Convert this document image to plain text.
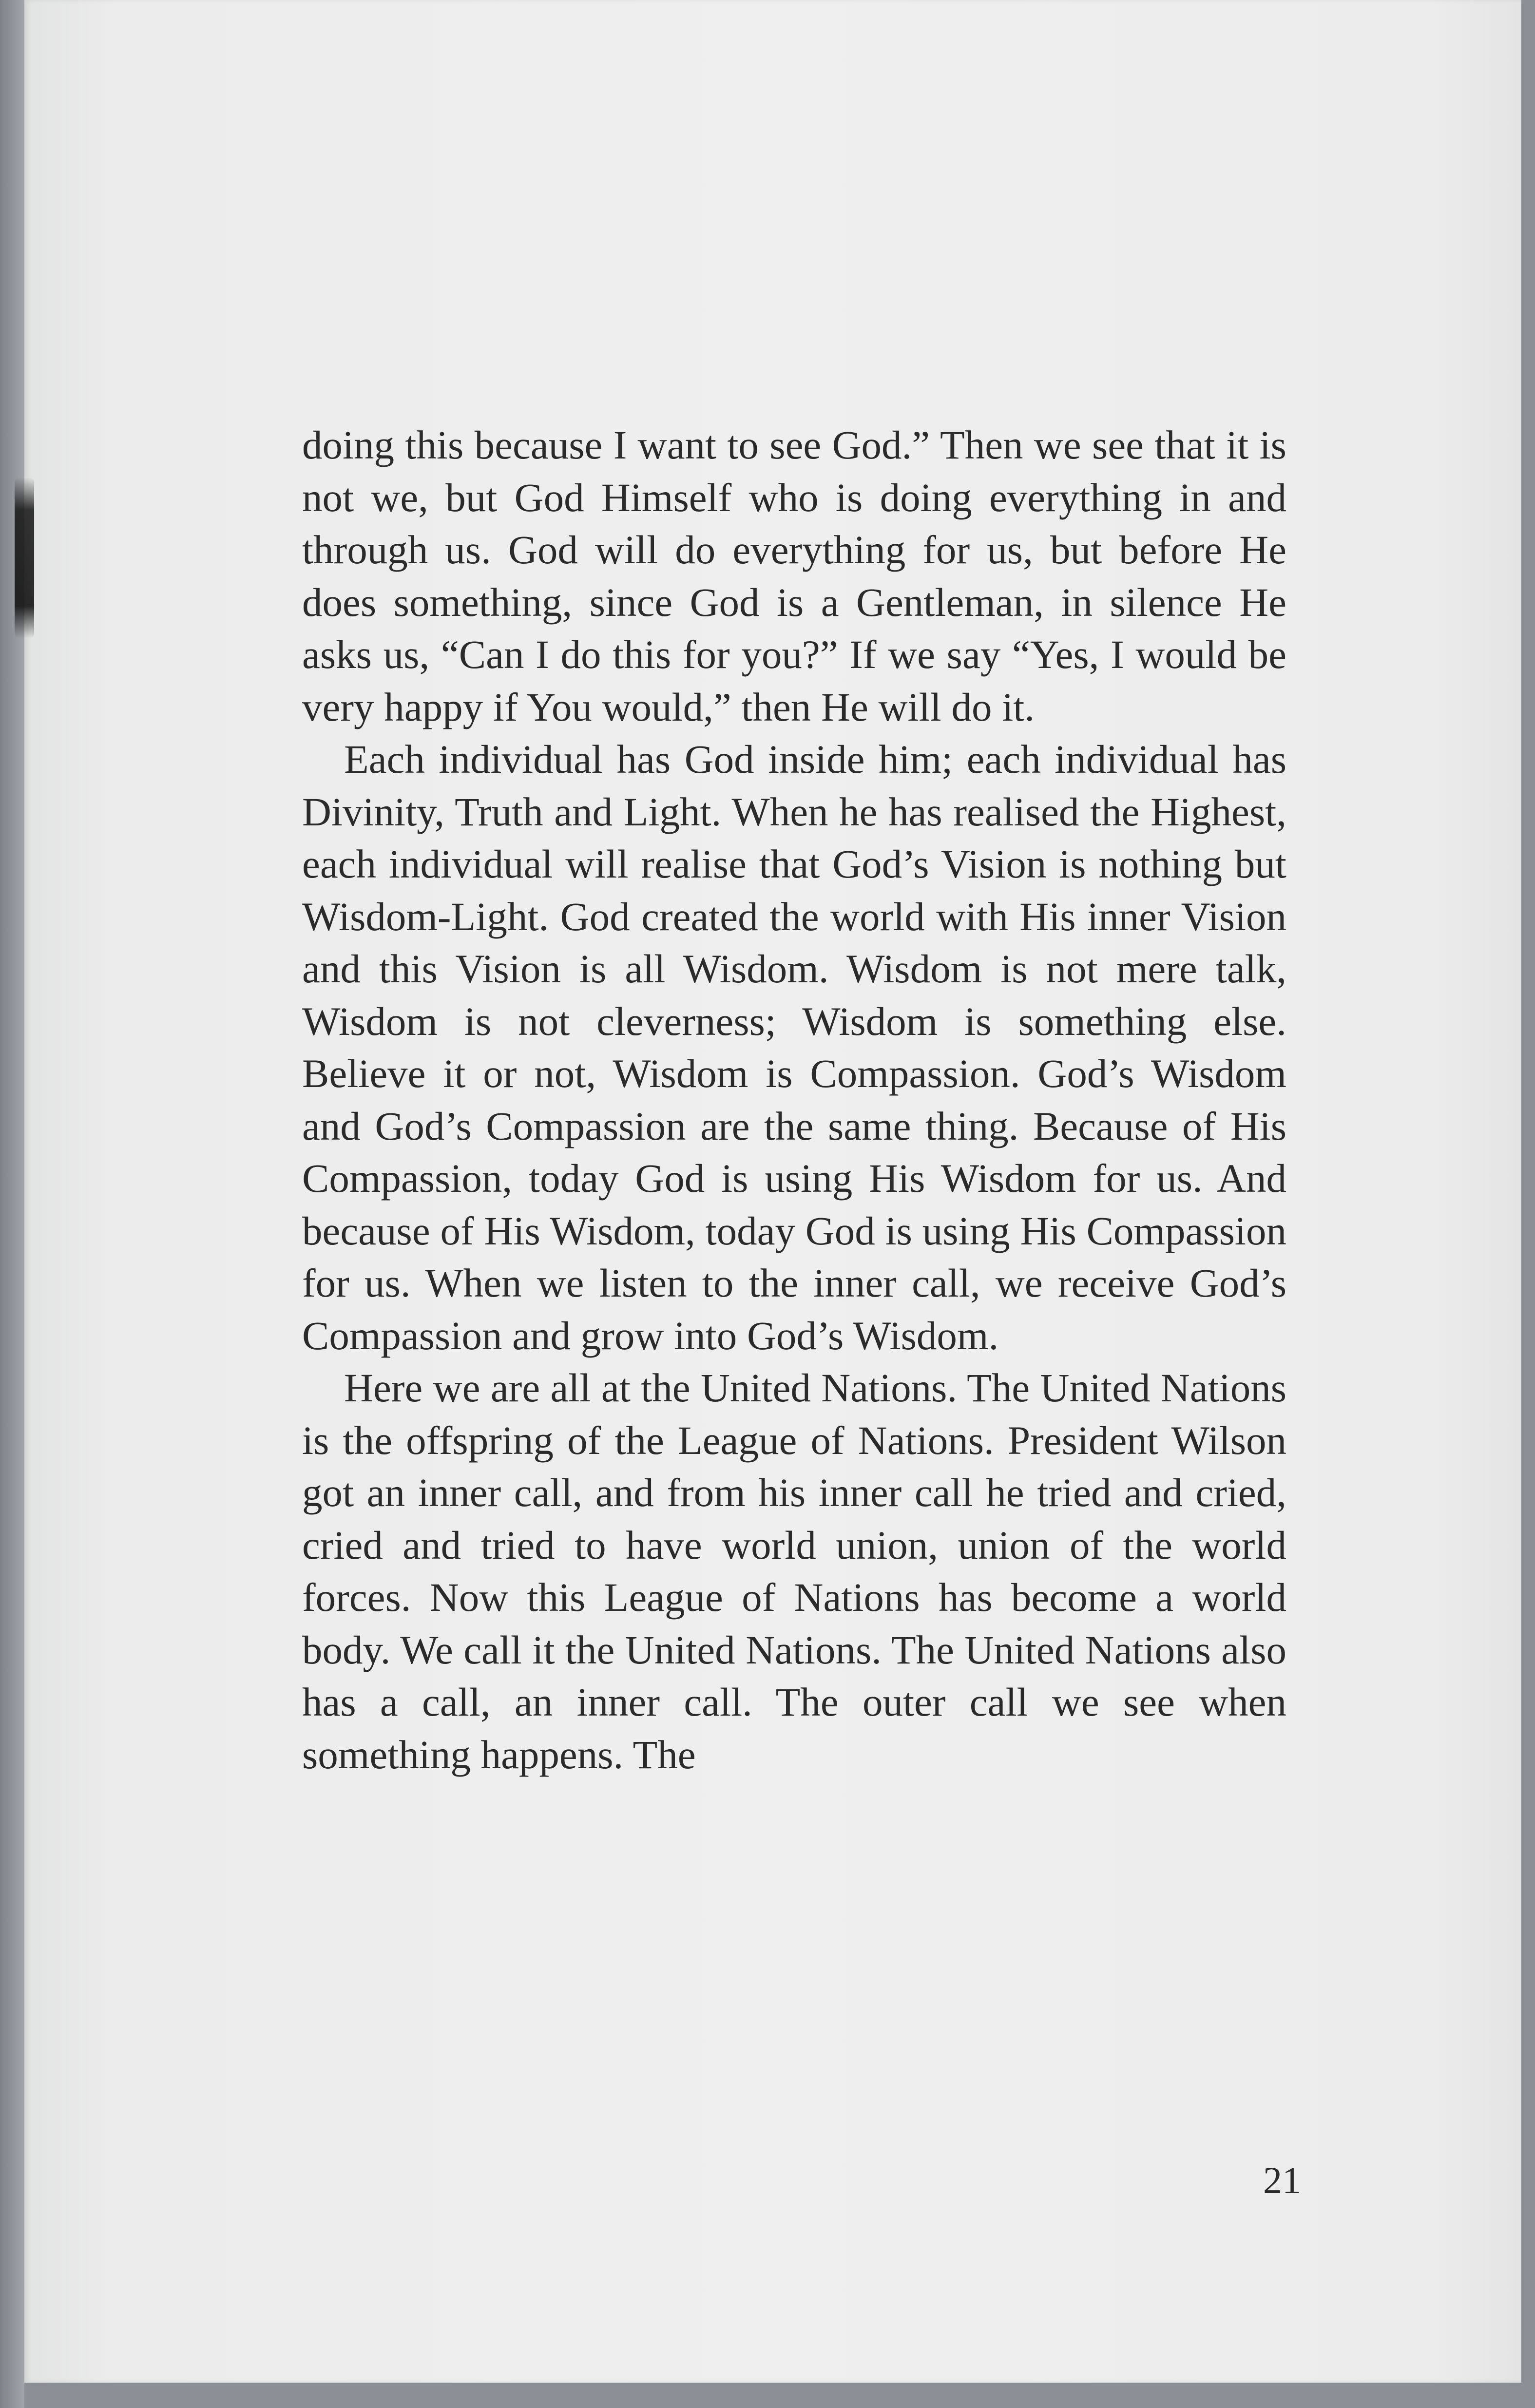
doing this because I want to see God.” Then we see that it is not we, but God Himself who is doing everything in and through us. God will do everything for us, but before He does something, since God is a Gentleman, in silence He asks us, “Can I do this for you?” If we say “Yes, I would be very happy if You would,” then He will do it.

Each individual has God inside him; each individual has Divinity, Truth and Light. When he has realised the Highest, each individual will realise that God’s Vision is nothing but Wisdom-Light. God created the world with His inner Vision and this Vision is all Wisdom. Wisdom is not mere talk, Wisdom is not cleverness; Wisdom is something else. Believe it or not, Wisdom is Compassion. God’s Wisdom and God’s Compassion are the same thing. Because of His Compassion, today God is using His Wisdom for us. And because of His Wisdom, today God is using His Compassion for us. When we listen to the inner call, we receive God’s Compassion and grow into God’s Wisdom.

Here we are all at the United Nations. The United Nations is the offspring of the League of Nations. President Wilson got an inner call, and from his inner call he tried and cried, cried and tried to have world union, union of the world forces. Now this League of Nations has become a world body. We call it the United Nations. The United Nations also has a call, an inner call. The outer call we see when something happens. The

21
